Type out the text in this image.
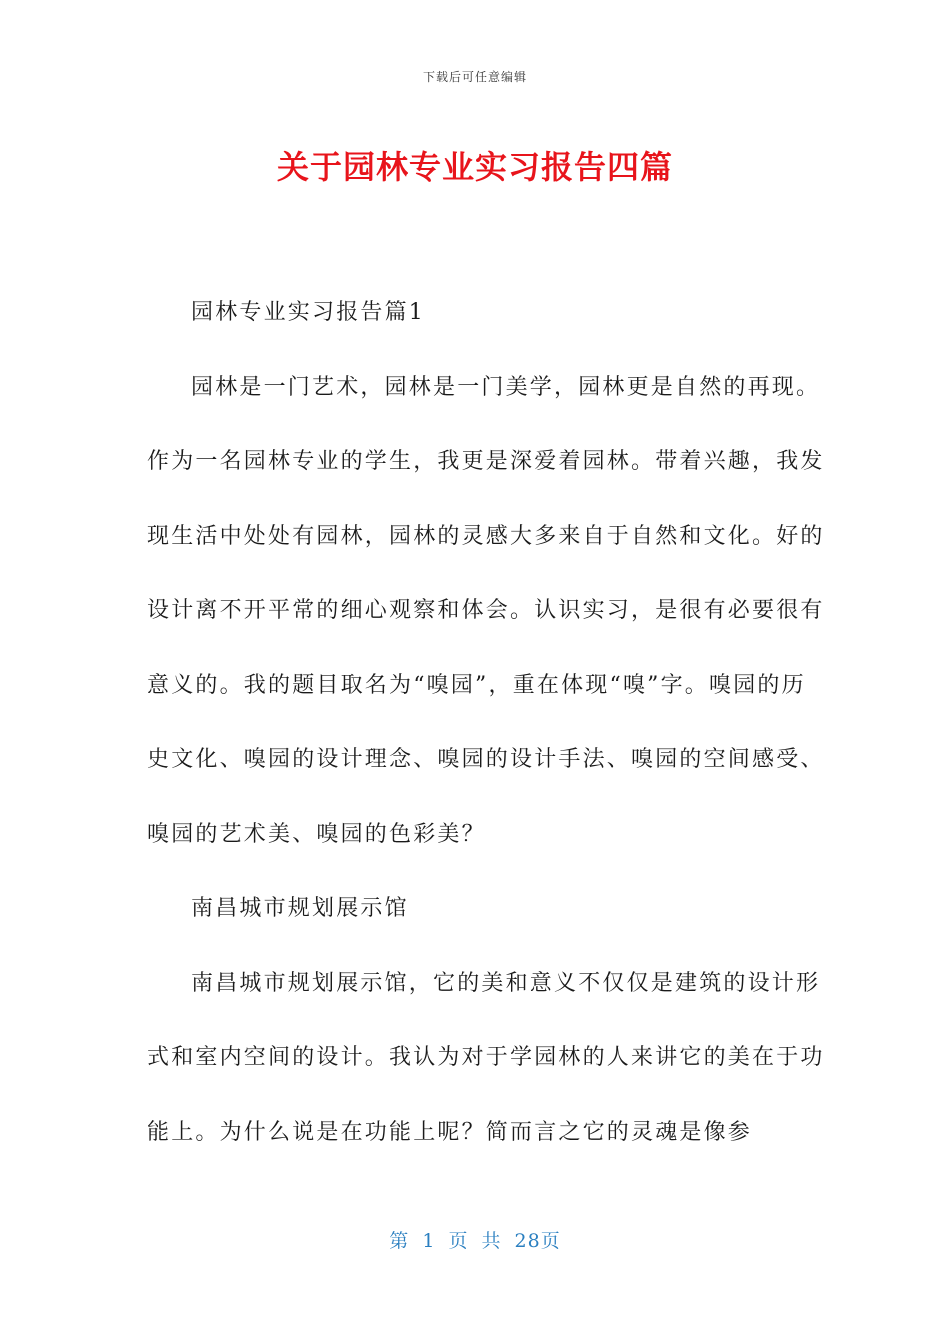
下载后可任意编辑
关于园林专业实习报告四篇

园林专业实习报告篇1

园林是一门艺术，园林是一门美学，园林更是自然的再现。作为一名园林专业的学生，我更是深爱着园林。带着兴趣，我发现生活中处处有园林，园林的灵感大多来自于自然和文化。好的设计离不开平常的细心观察和体会。认识实习，是很有必要很有意义的。我的题目取名为“嗅园”，重在体现“嗅”字。嗅园的历史文化、嗅园的设计理念、嗅园的设计手法、嗅园的空间感受、嗅园的艺术美、嗅园的色彩美？

南昌城市规划展示馆

南昌城市规划展示馆，它的美和意义不仅仅是建筑的设计形式和室内空间的设计。我认为对于学园林的人来讲它的美在于功能上。为什么说是在功能上呢？简而言之它的灵魂是像参

第 1 页 共 28页
